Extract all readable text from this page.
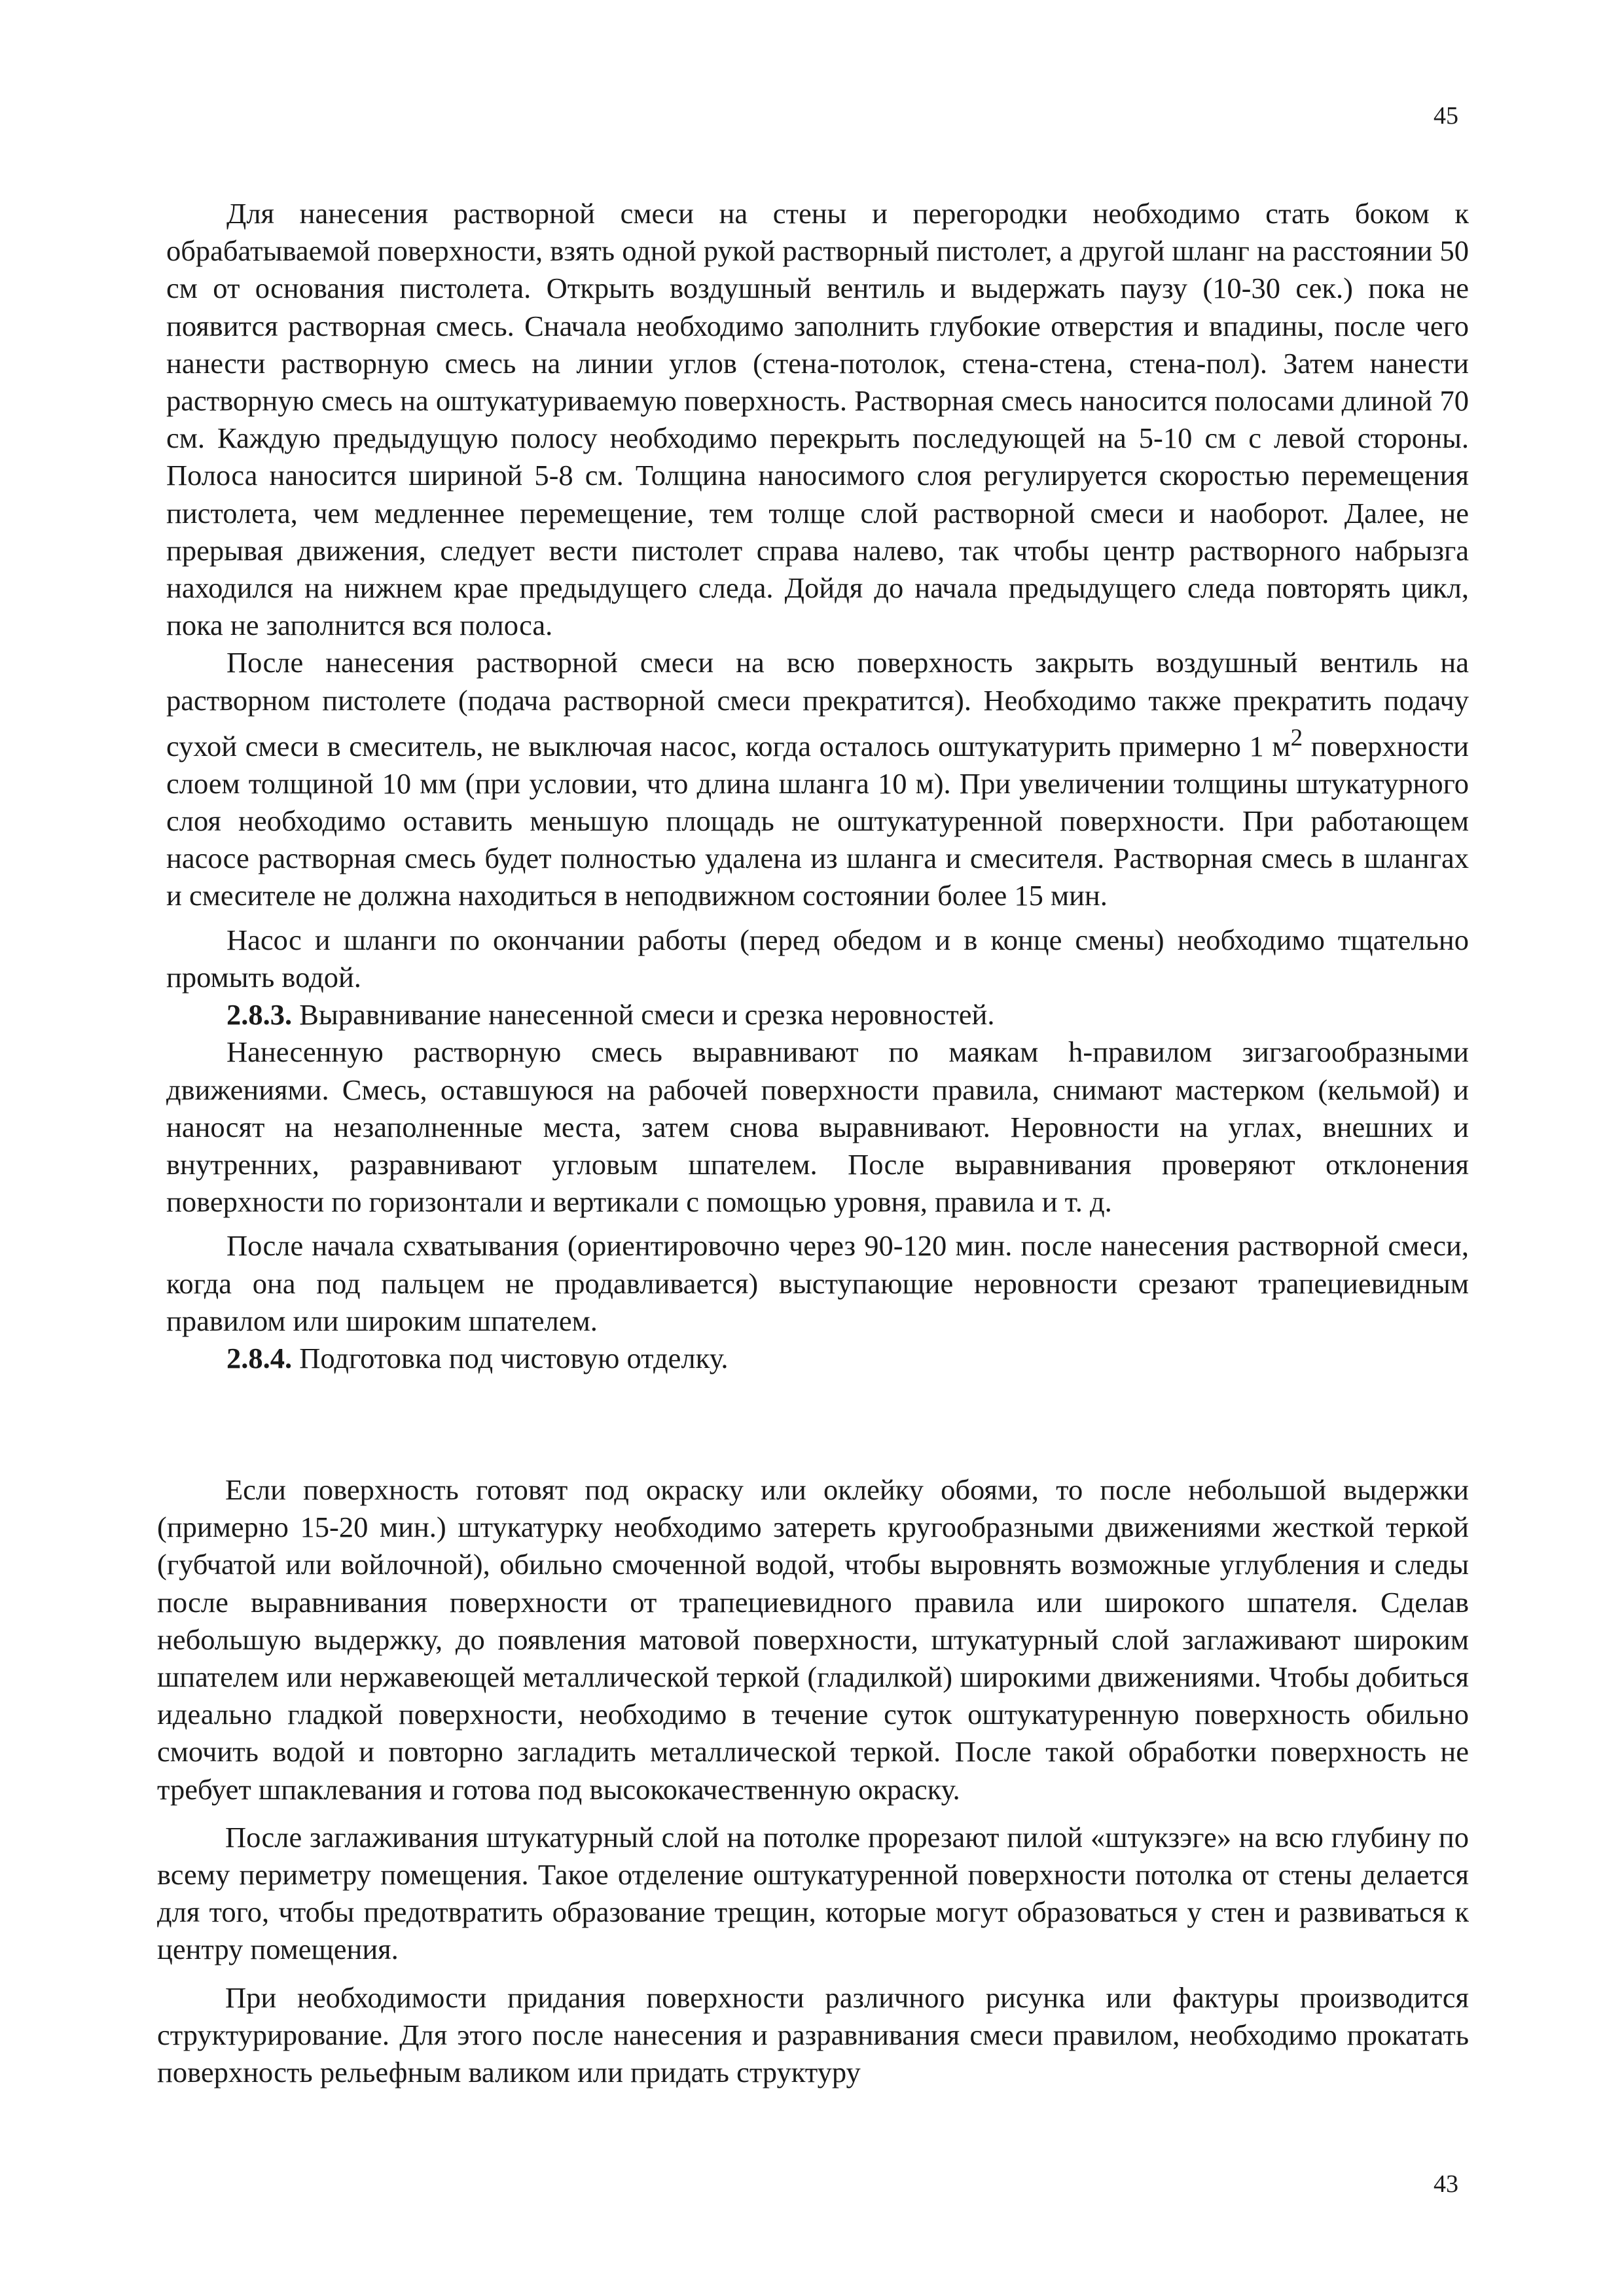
45

Для нанесения растворной смеси на стены и перегородки необходимо стать боком к обрабатываемой поверхности, взять одной рукой растворный пистолет, а другой шланг на расстоянии 50 см от основания пистолета. Открыть воздушный вентиль и выдержать паузу (10-30 сек.) пока не появится растворная смесь. Сначала необходимо заполнить глубокие отверстия и впадины, после чего нанести растворную смесь на линии углов (стена-потолок, стена-стена, стена-пол). Затем нанести растворную смесь на оштукатуриваемую поверхность. Растворная смесь наносится полосами длиной 70 см. Каждую предыдущую полосу необходимо перекрыть последующей на 5-10 см с левой стороны. Полоса наносится шириной 5-8 см. Толщина наносимого слоя регулируется скоростью перемещения пистолета, чем медленнее перемещение, тем толще слой растворной смеси и наоборот. Далее, не прерывая движения, следует вести пистолет справа налево, так чтобы центр растворного набрызга находился на нижнем крае предыдущего следа. Дойдя до начала предыдущего следа повторять цикл, пока не заполнится вся полоса.

После нанесения растворной смеси на всю поверхность закрыть воздушный вентиль на растворном пистолете (подача растворной смеси прекратится). Необходимо также прекратить подачу сухой смеси в смеситель, не выключая насос, когда осталось оштукатурить примерно 1 $м^2$ поверхности слоем толщиной 10 мм (при условии, что длина шланга 10 м). При увеличении толщины штукатурного слоя необходимо оставить меньшую площадь не оштукатуренной поверхности. При работающем насосе растворная смесь будет полностью удалена из шланга и смесителя. Растворная смесь в шлангах и смесителе не должна находиться в неподвижном состоянии более 15 мин.

Насос и шланги по окончании работы (перед обедом и в конце смены) необходимо тщательно промыть водой.

2.8.3. Выравнивание нанесенной смеси и срезка неровностей.

Нанесенную растворную смесь выравнивают по маякам h-правилом зигзагообразными движениями. Смесь, оставшуюся на рабочей поверхности правила, снимают мастерком (кельмой) и наносят на незаполненные места, затем снова выравнивают. Неровности на углах, внешних и внутренних, разравнивают угловым шпателем. После выравнивания проверяют отклонения поверхности по горизонтали и вертикали с помощью уровня, правила и т. д.

После начала схватывания (ориентировочно через 90-120 мин. после нанесения растворной смеси, когда она под пальцем не продавливается) выступающие неровности срезают трапециевидным правилом или широким шпателем.

2.8.4. Подготовка под чистовую отделку.

Если поверхность готовят под окраску или оклейку обоями, то после небольшой выдержки (примерно 15-20 мин.) штукатурку необходимо затереть кругообразными движениями жесткой теркой (губчатой или войлочной), обильно смоченной водой, чтобы выровнять возможные углубления и следы после выравнивания поверхности от трапециевидного правила или широкого шпателя. Сделав небольшую выдержку, до появления матовой поверхности, штукатурный слой заглаживают широким шпателем или нержавеющей металлической теркой (гладилкой) широкими движениями. Чтобы добиться идеально гладкой поверхности, необходимо в течение суток оштукатуренную поверхность обильно смочить водой и повторно загладить металлической теркой. После такой обработки поверхность не требует шпаклевания и готова под высококачественную окраску.

После заглаживания штукатурный слой на потолке прорезают пилой «штукзэге» на всю глубину по всему периметру помещения. Такое отделение оштукатуренной поверхности потолка от стены делается для того, чтобы предотвратить образование трещин, которые могут образоваться у стен и развиваться к центру помещения.

При необходимости придания поверхности различного рисунка или фактуры производится структурирование. Для этого после нанесения и разравнивания смеси правилом, необходимо прокатать поверхность рельефным валиком или придать структуру

43
